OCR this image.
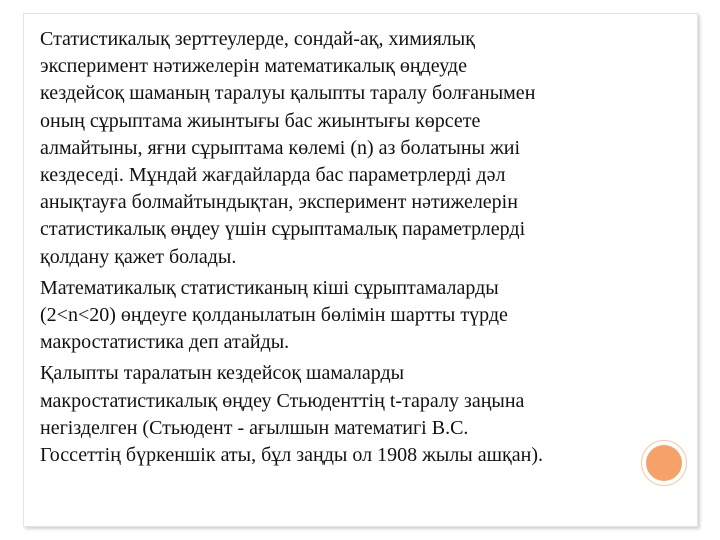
Статистикалық зерттеулерде, сондай-ақ, химиялық
эксперимент нәтижелерін математикалық өңдеуде
кездейсоқ шаманың таралуы қалыпты таралу болғанымен
оның сұрыптама жиынтығы бас жиынтығы көрсете
алмайтыны, яғни сұрыптама көлемі (n) аз болатыны жиі
кездеседі. Мұндай жағдайларда бас параметрлерді дәл
анықтауға болмайтындықтан, эксперимент нәтижелерін
статистикалық өңдеу үшін сұрыптамалық параметрлерді
қолдану қажет болады.
Математикалық статистиканың кіші сұрыптамаларды
(2<n<20) өңдеуге қолданылатын бөлімін шартты түрде
макростатистика деп атайды.
Қалыпты таралатын кездейсоқ шамаларды
макростатистикалық өңдеу Стьюденттің t-таралу заңына
негізделген (Стьюдент - ағылшын математигі В.С.
Госсеттің бүркеншік аты, бұл заңды ол 1908 жылы ашқан).
